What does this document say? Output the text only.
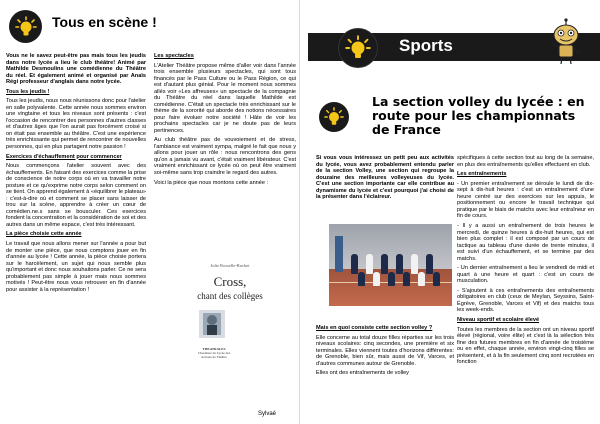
Tous en scène !

Vous ne le savez peut-être pas mais tous les jeudis dans notre lycée a lieu le club théâtre! Animé par Mathilde Desmoulins une comédienne du Théâtre du réel. Et également animé et organisé par Anaïs Régi professeur d'anglais dans notre lycée.

Tous les jeudis !

Tous les jeudis, nous nous réunissons donc pour l'atelier en salle polyvalente. Cette année nous sommes environ une vingtaine et tous les niveaux sont présents : c'est l'occasion de rencontrer des personnes d'autres classes et d'autres âges que l'on aurait pas forcément croisé si on était pas ensemble au théâtre. C'est une expérience très enrichissante qui permet de rencontrer de nouvelles personnes, qui en plus partagent notre passion !

Exercices d'échauffement pour commencer

Nous commençons l'atelier souvent avec des échauffements. En faisant des exercices comme la prise de conscience de notre corps où en va travailler notre posture et ce qu'exprime notre corps selon comment on se tient. On apprend également à «équilibrer le plateau» : c'est-à-dire où et comment se placer sans laisser de trou sur la scène, apprendre à créer un cœur de comédien.ne.s sans se bousculer. Ces exercices fondent la concentration et la considération de soi et des autres dans un même espace, c'est très intéressant.

La pièce choisie cette année

Le travail que nous allons mener sur l'année a pour but de monter une pièce, que nous comptons jouer en fin d'année au lycée ! Cette année, la pièce choisie portera sur le harcèlement, un sujet qui nous semble plus qu'important et donc nous souhaitons parler. Ce ne sera probablement pas simple à jouer mais nous sommes motivés ! Peut-être nous vous retrouver en fin d'année pour assister à la représentation !

Les spectacles

L'Atelier Théâtre propose même d'aller voir dans l'année trois ensemble plusieurs spectacles, qui sont tous financés par le Pass Culture ou le Pass Région, ce qui est d'autant plus génial. Pour le moment nous sommes allés voir «Les affreuses» un spectacle de la compagnie du Théâtre du réel dans laquelle Mathilde est comédienne. C'était un spectacle très enrichissant sur le thème de la sororité qui aborde des notions nécessaires pour faire évoluer notre société ! Hâte de voir les prochains spectacles car je ne doute pas de leurs pertinences.

Au club théâtre pas de vouvoiement et de stress, l'ambiance est vraiment sympa, malgré le fait que nous y allons pour jouer un rôle : nous rencontrons des gens qu'on a jamais vu avant, c'était vraiment libérateur. C'est vraiment enrichissant ce lycée où on peut être vraiment soi-même sans trop craindre le regard des autres.

Voici la pièce que nous montons cette année :

Julie Rosselle-Ruchet
Cross,
chant des collèges
THEATRALES
l'Aventure de Lycée des Actions de Théâtre
Sylvaé
Sports
La section volley du lycée : en route pour les championnats de France

Si vous vous intéressez un petit peu aux activités du lycée, vous avez probablement entendu parler de la section Volley, une section qui regroupe la douzaine des meilleures volleyeuses du lycée. C'est une section importante car elle contribue au dynamisme du lycée et c'est pourquoi j'ai choisi de la présenter dans l'éclaireur.

Mais en quoi consiste cette section volley ?

Elle concerne au total douze filles réparties sur les trois niveaux scolaires: cinq secondes, une première et six terminales. Elles viennent toutes d'horizons différentes: de Grenoble, bien sûr, mais aussi de Vif, Varces, et d'autres communes autour de Grenoble.

Elles ont des entraînements de volley

spécifiques à cette section tout au long de la semaine, en plus des entraînements qu'elles effectuent en club.

Les entraînements

- Un premier entraînement se déroule le lundi de dix-sept à dix-huit heures : c'est un entraînement d'une heure centré sur des exercices sur les appuis, le positionnement ou encore le travail technique qui pratique par le biais de matchs avec leur entraîneur en fin de cours.

- Il y a aussi un entraînement de trois heures le mercredi, de quinze heures à dix-huit heures, qui est bien plus complet : il est composé par un cours de tactique au tableau d'une durée de trente minutes, il est suivi d'un échauffement, et se termine par des matchs.

- Un dernier entraînement a lieu le vendredi de midi et quart à une heure et quart : c'est un cours de musculation.

- S'ajoutent à ces entraînements des entraînements obligatoires en club (ceux de Meylan, Seyssins, Saint-Égrève, Grenoble, Varces et Vif) et des matchs tous les week-ends.

Niveau sportif et scolaire élevé

Toutes les membres de la section ont un niveau sportif élevé (régional, voire élite) et c'est là la sélection très fine des futures membres en fin d'année de troisième ou en effet, chaque année, environ vingt-cinq filles se présentent, et à la fin seulement cinq sont recrutées en fonction
